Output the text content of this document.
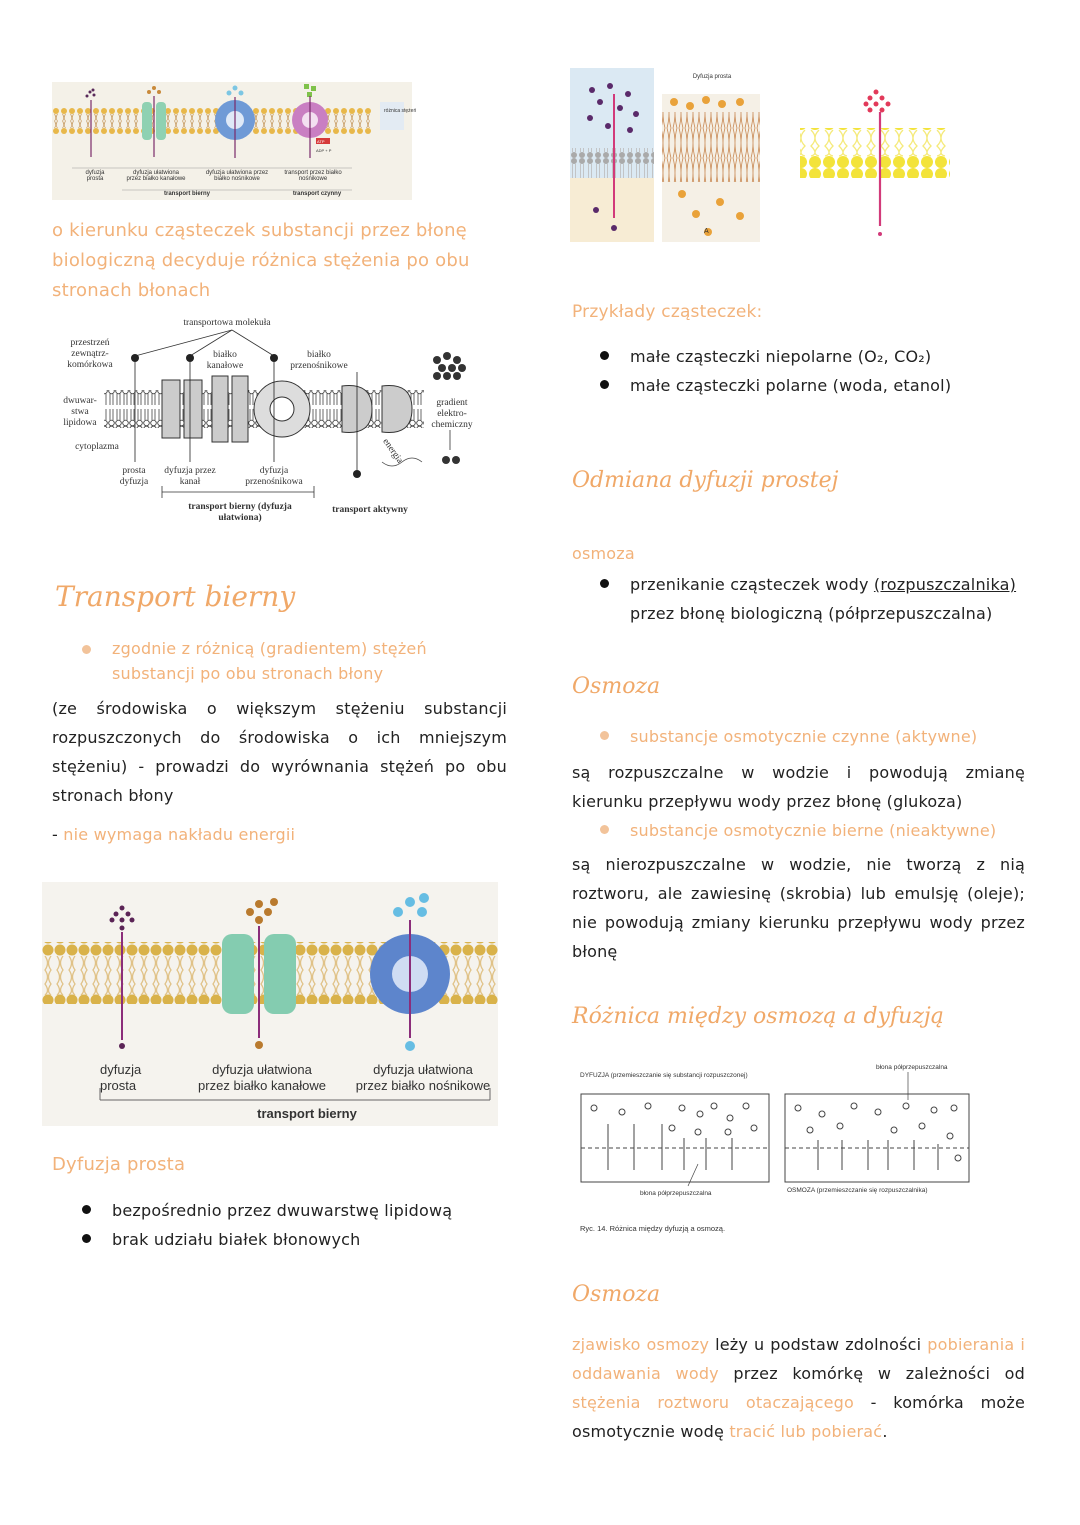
ATP
ADP + P
różnica stężeń
dyfuzja prosta
dyfuzja ułatwiona przez białko kanałowe
dyfuzja ułatwiona przez białko nośnikowe
transport przez białko nośnikowe
transport bierny	transport czynny
o kierunku cząsteczek substancji przez błonę biologiczną decyduje różnica stężenia po obu stronach błonach
transportowa molekuła
przestrzeń zewnątrz-komórkowa
dwuwar-stwa lipidowa
cytoplazma
białko kanałowe
białko przenośnikowe
gradient elektro-chemiczny
energia
prosta dyfuzja
dyfuzja przez kanał
dyfuzja przenośnikowa
transport bierny (dyfuzja ułatwiona)
transport aktywny
Transport bierny
zgodnie z różnicą (gradientem) stężeń substancji po obu stronach błony
(ze środowiska o większym stężeniu substancji rozpuszczonych do środowiska o ich mniejszym stężeniu) - prowadzi do wyrównania stężeń po obu stronach błony
- nie wymaga nakładu energii
dyfuzja
prosta
dyfuzja ułatwiona
przez białko kanałowe
dyfuzja ułatwiona
przez białko nośnikowe
transport bierny
Dyfuzja prosta
bezpośrednio przez dwuwarstwę lipidową
brak udziału białek błonowych
Dyfuzja prosta
A
Przykłady cząsteczek:
małe cząsteczki niepolarne (O₂, CO₂)
małe cząsteczki polarne (woda, etanol)
Odmiana dyfuzji prostej
osmoza
przenikanie cząsteczek wody (rozpuszczalnika)
przez błonę biologiczną (półprzepuszczalna)
Osmoza
substancje osmotycznie czynne (aktywne)
są rozpuszczalne w wodzie i powodują zmianę kierunku przepływu wody przez błonę (glukoza)
substancje osmotycznie bierne (nieaktywne)
są nierozpuszczalne w wodzie, nie tworzą z nią roztworu, ale zawiesinę (skrobia) lub emulsję (oleje); nie powodują zmiany kierunku przepływu wody przez błonę
Różnica między osmozą a dyfuzją
DYFUZJA (przemieszczanie się substancji rozpuszczonej)
błona półprzepuszczalna
błona półprzepuszczalna	OSMOZA (przemieszczanie się rozpuszczalnika)
Ryc. 14. Różnica między dyfuzją a osmozą.
Osmoza
zjawisko osmozy leży u podstaw zdolności pobierania i oddawania wody przez komórkę w zależności od stężenia roztworu otaczającego - komórka może osmotycznie wodę tracić lub pobierać.
